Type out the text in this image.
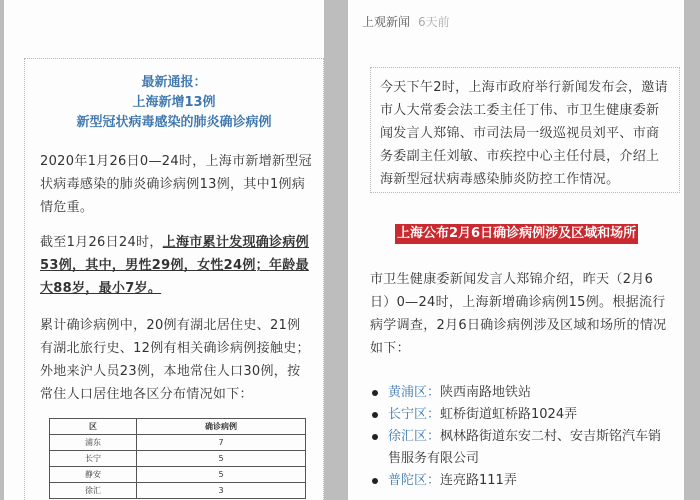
最新通报：
上海新增13例
新型冠状病毒感染的肺炎确诊病例
2020年1月26日0—24时，上海市新增新型冠状病毒感染的肺炎确诊病例13例，其中1例病情危重。
截至1月26日24时，上海市累计发现确诊病例53例，其中，男性29例，女性24例；年龄最大88岁，最小7岁。
累计确诊病例中，20例有湖北居住史、21例有湖北旅行史、12例有相关确诊病例接触史；外地来沪人员23例，本地常住人口30例，按常住人口居住地各区分布情况如下：
区	确诊病例
浦东	7
长宁	5
静安	5
徐汇	3
上观新闻 6天前
今天下午2时，上海市政府举行新闻发布会，邀请市人大常委会法工委主任丁伟、市卫生健康委新闻发言人郑锦、市司法局一级巡视员刘平、市商务委副主任刘敏、市疾控中心主任付晨，介绍上海新型冠状病毒感染肺炎防控工作情况。
上海公布2月6日确诊病例涉及区域和场所
市卫生健康委新闻发言人郑锦介绍，昨天（2月6日）0—24时，上海新增确诊病例15例。根据流行病学调查，2月6日确诊病例涉及区域和场所的情况如下：
黄浦区：陕西南路地铁站
长宁区：虹桥街道虹桥路1024弄
徐汇区：枫林路街道东安二村、安吉斯铭汽车销售服务有限公司
普陀区：连亮路111弄
